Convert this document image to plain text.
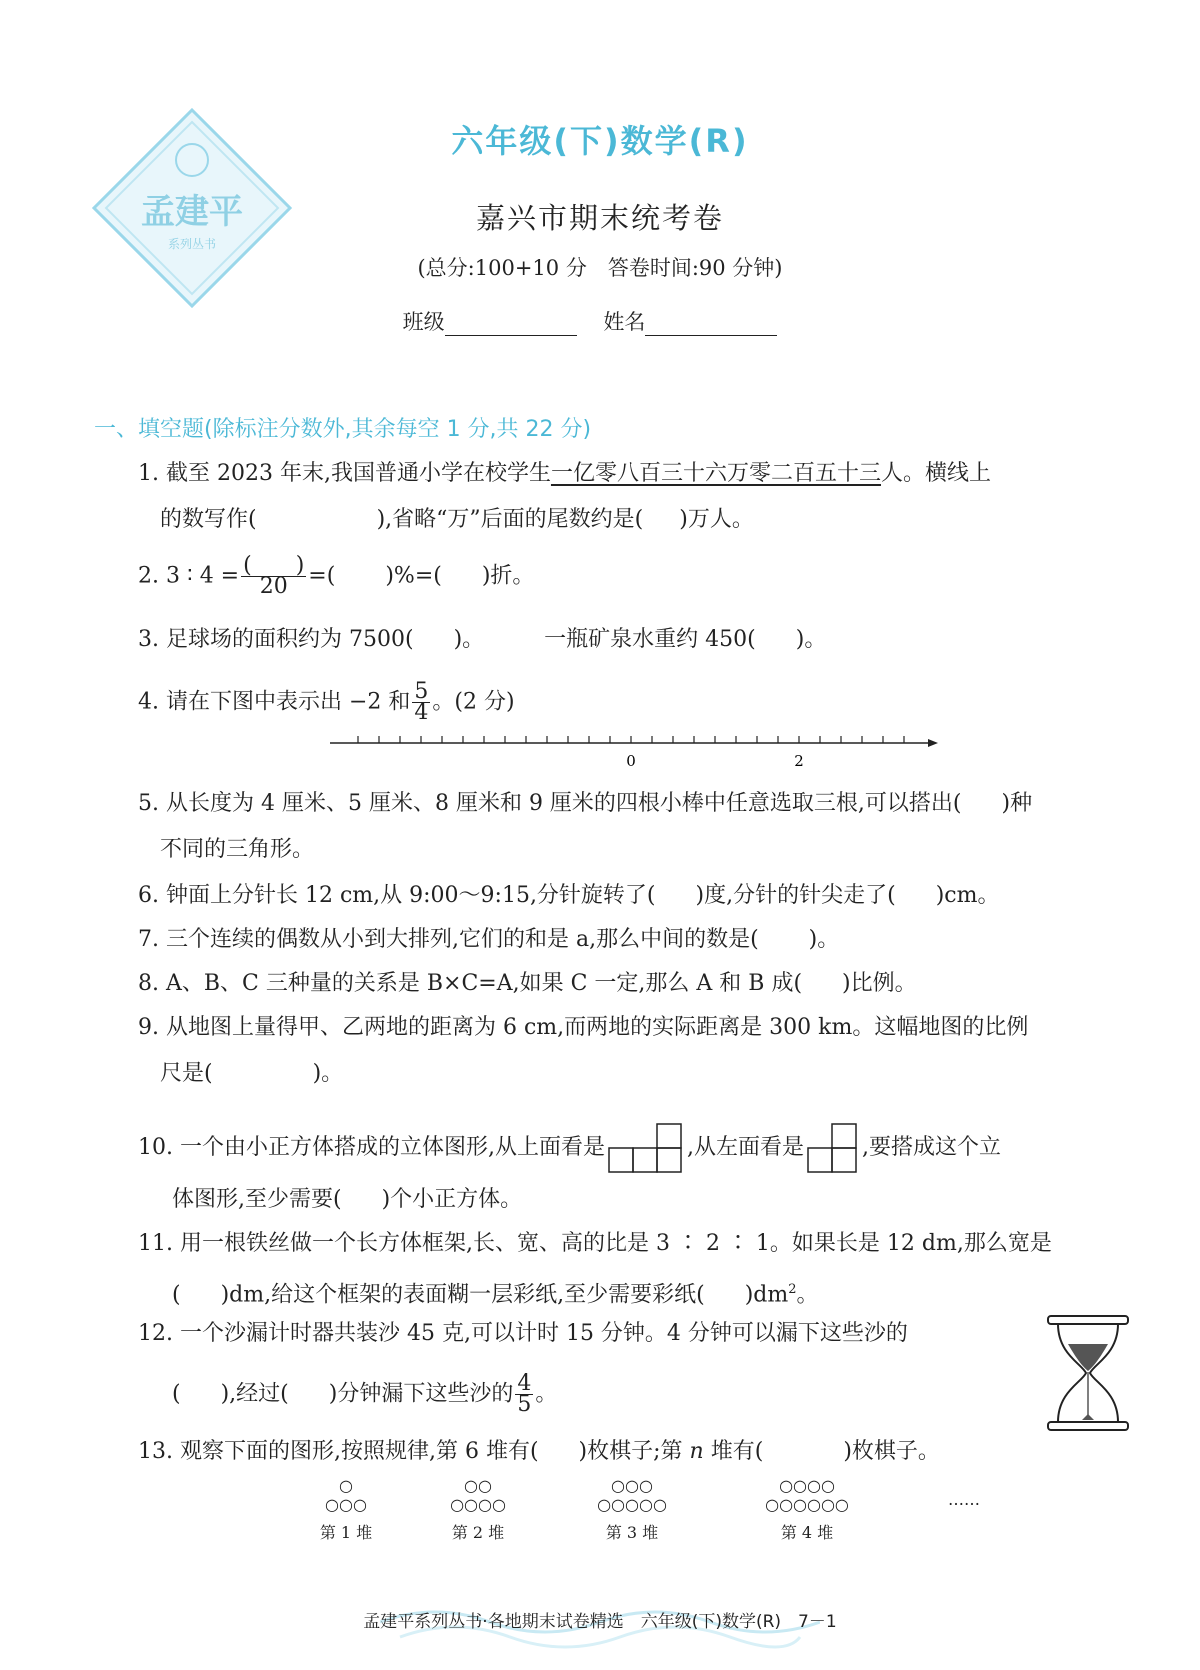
孟建平
系列丛书
六年级(下)数学(R)
嘉兴市期末统考卷
(总分:100+10 分　答卷时间:90 分钟)
班级	姓名
一、填空题(除标注分数外,其余每空 1 分,共 22 分)
1. 截至 2023 年末,我国普通小学在校学生一亿零八百三十六万零二百五十三人。横线上
的数写作(	),省略“万”后面的尾数约是( )万人。
2. 3 ∶ $4 = \frac{( )}{20}$ =( )%=( )折。
3. 足球场的面积约为 7500( )。	一瓶矿泉水重约 450( )。
4. 请在下图中表示出 −2 和 $\frac{5}{4}$ 。(2 分)
0	2
5. 从长度为 4 厘米、5 厘米、8 厘米和 9 厘米的四根小棒中任意选取三根,可以搭出( )种
不同的三角形。
6. 钟面上分针长 12 cm,从 9:00～9:15,分针旋转了( )度,分针的针尖走了( )cm。
7. 三个连续的偶数从小到大排列,它们的和是 a,那么中间的数是( )。
8. A、B、C 三种量的关系是 B×C=A,如果 C 一定,那么 A 和 B 成( )比例。
9. 从地图上量得甲、乙两地的距离为 6 cm,而两地的实际距离是 300 km。这幅地图的比例
尺是(	)。
10. 一个由小正方体搭成的立体图形,从上面看是	,从左面看是	,要搭成这个立
体图形,至少需要( )个小正方体。
11. 用一根铁丝做一个长方体框架,长、宽、高的比是 3 ∶ 2 ∶ 1。如果长是 12 dm,那么宽是
( )dm,给这个框架的表面糊一层彩纸,至少需要彩纸( )$dm^2$。
12. 一个沙漏计时器共装沙 45 克,可以计时 15 分钟。4 分钟可以漏下这些沙的
( ),经过( )分钟漏下这些沙的 $\frac{4}{5}$ 。
13. 观察下面的图形,按照规律,第 6 堆有( )枚棋子;第 n 堆有(	)枚棋子。
○
○○○
第 1 堆
○○
○○○○
第 2 堆
○○○
○○○○○
第 3 堆
○○○○
○○○○○○
第 4 堆
……
孟建平系列丛书·各地期末试卷精选　六年级(下)数学(R)　7－1
